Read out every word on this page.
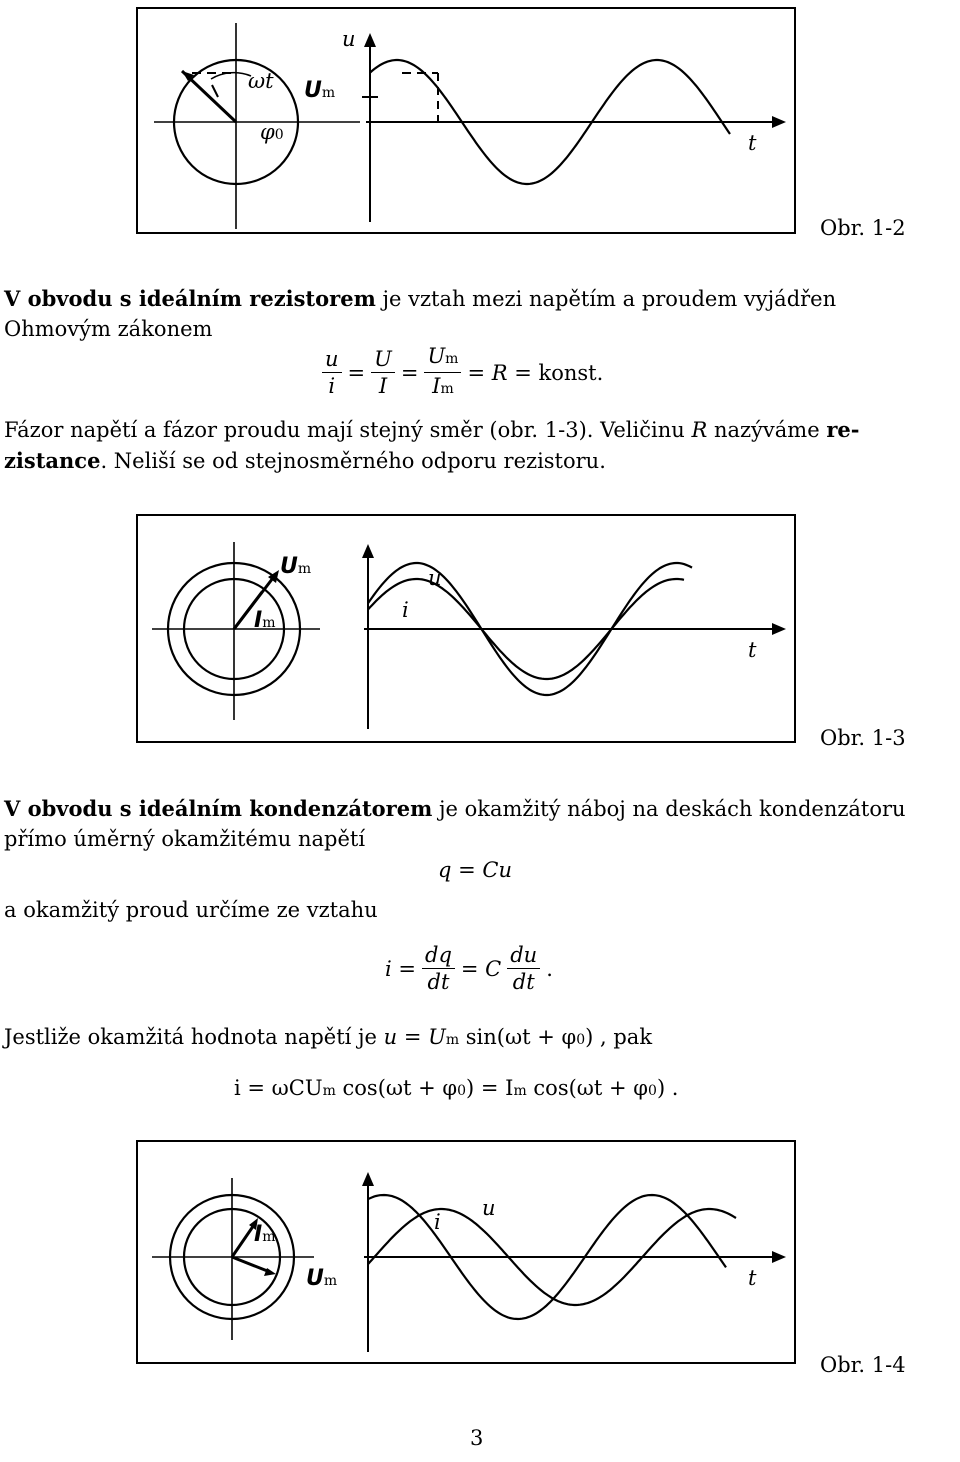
ωt Um
φ0
u
t
Obr. 1-2
V obvodu s ideálním rezistorem je vztah mezi napětím a proudem vyjádřen
Ohmovým zákonem
$\frac{u}{i} = \frac{U}{I} = \frac{Um}{Im} = R$ = konst.
Fázor napětí a fázor proudu mají stejný směr (obr. 1-3). Veličinu R nazýváme re-
zistance. Neliší se od stejnosměrného odporu rezistoru.
Um
Im
u
i
t
Obr. 1-3
V obvodu s ideálním kondenzátorem je okamžitý náboj na deskách kondenzátoru
přímo úměrný okamžitému napětí
q = Cu
a okamžitý proud určíme ze vztahu
$i = \frac{dq}{dt} = C \frac{du}{dt}$ .
Jestliže okamžitá hodnota napětí je u = Um sin(ωt + φ0) , pak
i = ωCUm cos(ωt + φ0) = Im cos(ωt + φ0) .
Im
Um
i
u
t
Obr. 1-4
3
